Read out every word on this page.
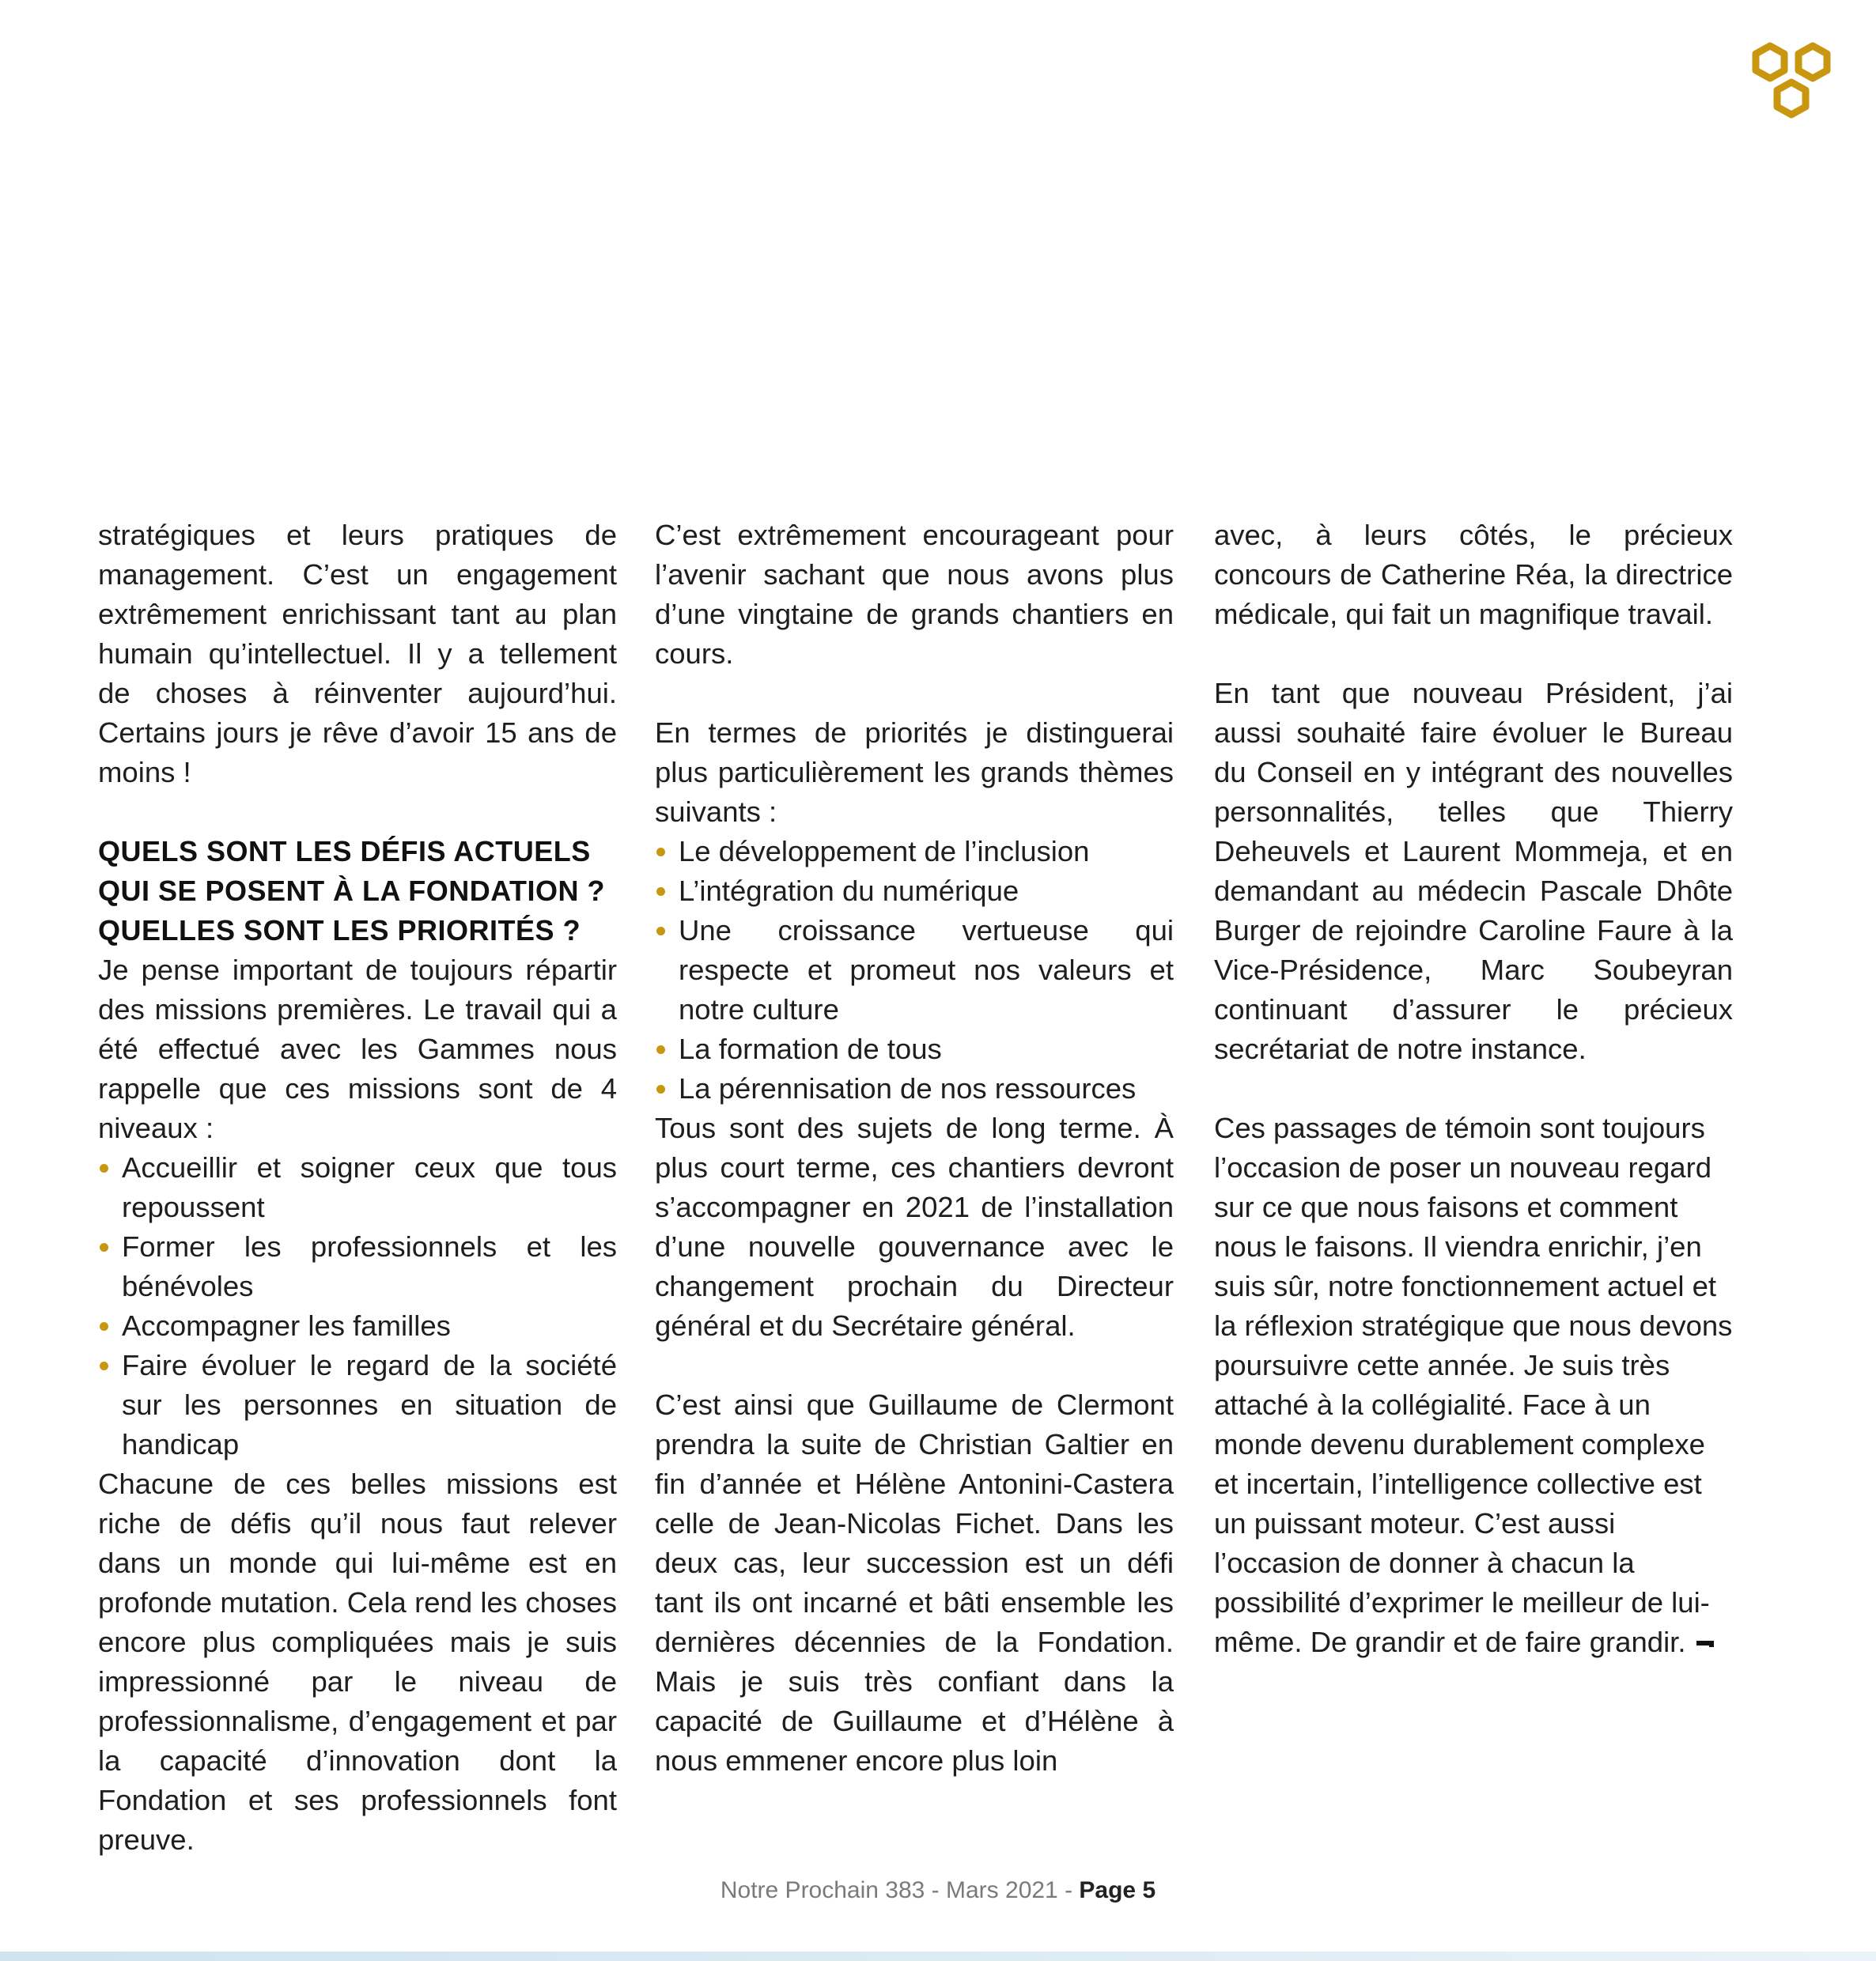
stratégiques et leurs pratiques de management. C’est un engagement extrêmement enrichissant tant au plan humain qu’intellectuel. Il y a tellement de choses à réinventer aujourd’hui. Certains jours je rêve d’avoir 15 ans de moins !

QUELS SONT LES DÉFIS ACTUELS QUI SE POSENT À LA FONDATION ? QUELLES SONT LES PRIORITÉS ?

Je pense important de toujours répartir des missions premières. Le travail qui a été effectué avec les Gammes nous rappelle que ces missions sont de 4 niveaux :

Accueillir et soigner ceux que tous repoussent
Former les professionnels et les bénévoles
Accompagner les familles
Faire évoluer le regard de la société sur les personnes en situation de handicap

Chacune de ces belles missions est riche de défis qu’il nous faut relever dans un monde qui lui-même est en profonde mutation. Cela rend les choses encore plus compliquées mais je suis impressionné par le niveau de professionnalisme, d’engagement et par la capacité d’innovation dont la Fondation et ses professionnels font preuve.

C’est extrêmement encourageant pour l’avenir sachant que nous avons plus d’une vingtaine de grands chantiers en cours.

En termes de priorités je distinguerai plus particulièrement les grands thèmes suivants :

Le développement de l’inclusion
L’intégration du numérique
Une croissance vertueuse qui respecte et promeut nos valeurs et notre culture
La formation de tous
La pérennisation de nos ressources

Tous sont des sujets de long terme. À plus court terme, ces chantiers devront s’accompagner en 2021 de l’installation d’une nouvelle gouvernance avec le changement prochain du Directeur général et du Secrétaire général.

C’est ainsi que Guillaume de Clermont prendra la suite de Christian Galtier en fin d’année et Hélène Antonini-Castera celle de Jean-Nicolas Fichet. Dans les deux cas, leur succession est un défi tant ils ont incarné et bâti ensemble les dernières décennies de la Fondation. Mais je suis très confiant dans la capacité de Guillaume et d’Hélène à nous emmener encore plus loin

avec, à leurs côtés, le précieux concours de Catherine Réa, la directrice médicale, qui fait un magnifique travail.

En tant que nouveau Président, j’ai aussi souhaité faire évoluer le Bureau du Conseil en y intégrant des nouvelles personnalités, telles que Thierry Deheuvels et Laurent Mommeja, et en demandant au médecin Pascale Dhôte Burger de rejoindre Caroline Faure à la Vice-Présidence, Marc Soubeyran continuant d’assurer le précieux secrétariat de notre instance.

Ces passages de témoin sont toujours l’occasion de poser un nouveau regard sur ce que nous faisons et comment nous le faisons. Il viendra enrichir, j’en suis sûr, notre fonctionnement actuel et la réflexion stratégique que nous devons poursuivre cette année. Je suis très attaché à la collégialité. Face à un monde devenu durablement complexe et incertain, l’intelligence collective est un puissant moteur. C’est aussi l’occasion de donner à chacun la possibilité d’exprimer le meilleur de lui-même. De grandir et de faire grandir.

Notre Prochain 383 - Mars 2021 - Page 5
